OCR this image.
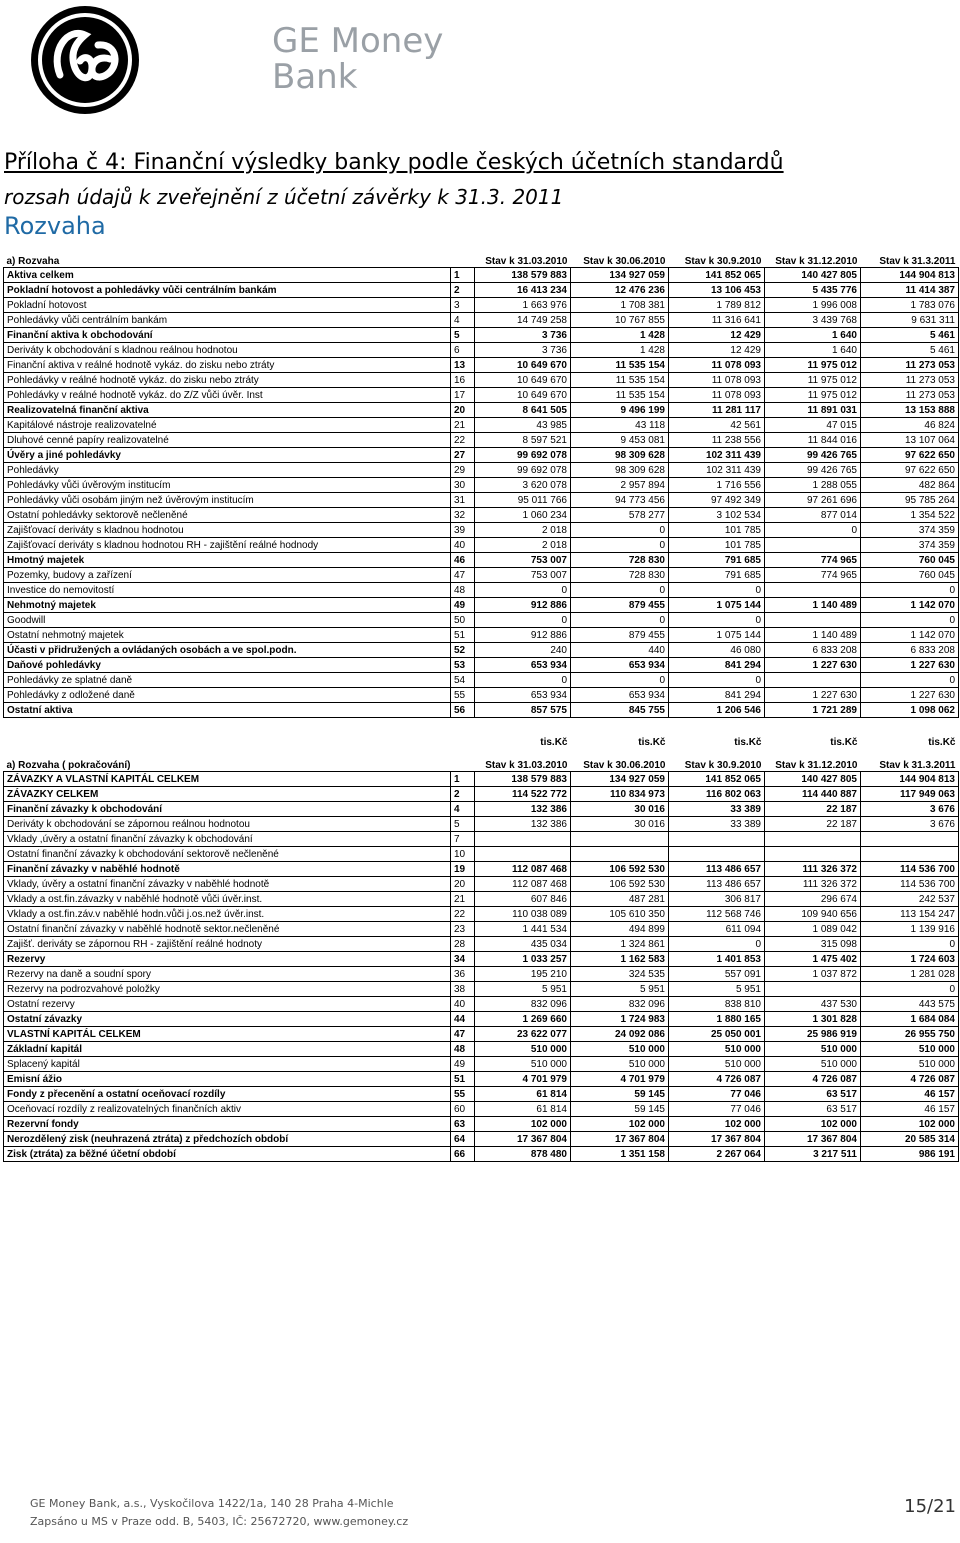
GE Money
Bank
Příloha č 4: Finanční výsledky banky podle českých účetních standardů
rozsah údajů k zveřejnění z účetní závěrky k 31.3. 2011
Rozvaha
a) Rozvaha		Stav k 31.03.2010	Stav k 30.06.2010	Stav k 30.9.2010	Stav k 31.12.2010	Stav k 31.3.2011
Aktiva celkem	1	138 579 883	134 927 059	141 852 065	140 427 805	144 904 813
Pokladní hotovost a pohledávky vůči centrálním bankám	2	16 413 234	12 476 236	13 106 453	5 435 776	11 414 387
Pokladní hotovost	3	1 663 976	1 708 381	1 789 812	1 996 008	1 783 076
Pohledávky vůči centrálním bankám	4	14 749 258	10 767 855	11 316 641	3 439 768	9 631 311
Finanční aktiva k obchodování	5	3 736	1 428	12 429	1 640	5 461
Deriváty k obchodování s kladnou reálnou hodnotou	6	3 736	1 428	12 429	1 640	5 461
Finanční aktiva v reálné hodnotě vykáz. do zisku nebo ztráty	13	10 649 670	11 535 154	11 078 093	11 975 012	11 273 053
Pohledávky v reálné hodnotě vykáz. do zisku nebo ztráty	16	10 649 670	11 535 154	11 078 093	11 975 012	11 273 053
Pohledávky v reálné hodnotě vykáz. do Z/Z vůči úvěr. Inst	17	10 649 670	11 535 154	11 078 093	11 975 012	11 273 053
Realizovatelná finanční aktiva	20	8 641 505	9 496 199	11 281 117	11 891 031	13 153 888
Kapitálové nástroje realizovatelné	21	43 985	43 118	42 561	47 015	46 824
Dluhové cenné papíry realizovatelné	22	8 597 521	9 453 081	11 238 556	11 844 016	13 107 064
Úvěry a jiné pohledávky	27	99 692 078	98 309 628	102 311 439	99 426 765	97 622 650
Pohledávky	29	99 692 078	98 309 628	102 311 439	99 426 765	97 622 650
Pohledávky vůči úvěrovým institucím	30	3 620 078	2 957 894	1 716 556	1 288 055	482 864
Pohledávky vůči osobám jiným než úvěrovým institucím	31	95 011 766	94 773 456	97 492 349	97 261 696	95 785 264
Ostatní pohledávky sektorově nečleněné	32	1 060 234	578 277	3 102 534	877 014	1 354 522
Zajišťovací deriváty s kladnou hodnotou	39	2 018	0	101 785	0	374 359
Zajišťovací deriváty s kladnou hodnotou RH - zajištění reálné hodnody	40	2 018	0	101 785		374 359
Hmotný majetek	46	753 007	728 830	791 685	774 965	760 045
Pozemky, budovy a zařízení	47	753 007	728 830	791 685	774 965	760 045
Investice do nemovitostí	48	0	0	0		0
Nehmotný majetek	49	912 886	879 455	1 075 144	1 140 489	1 142 070
Goodwill	50	0	0	0		0
Ostatní nehmotný majetek	51	912 886	879 455	1 075 144	1 140 489	1 142 070
Účasti v přidružených a ovládaných osobách a ve spol.podn.	52	240	440	46 080	6 833 208	6 833 208
Daňové pohledávky	53	653 934	653 934	841 294	1 227 630	1 227 630
Pohledávky ze splatné daně	54	0	0	0		0
Pohledávky z odložené daně	55	653 934	653 934	841 294	1 227 630	1 227 630
Ostatní aktiva	56	857 575	845 755	1 206 546	1 721 289	1 098 062
		tis.Kč	tis.Kč	tis.Kč	tis.Kč	tis.Kč
a) Rozvaha ( pokračování)		Stav k 31.03.2010	Stav k 30.06.2010	Stav k 30.9.2010	Stav k 31.12.2010	Stav k 31.3.2011
ZÁVAZKY A VLASTNÍ KAPITÁL CELKEM	1	138 579 883	134 927 059	141 852 065	140 427 805	144 904 813
ZÁVAZKY CELKEM	2	114 522 772	110 834 973	116 802 063	114 440 887	117 949 063
Finanční závazky k obchodování	4	132 386	30 016	33 389	22 187	3 676
Deriváty k obchodování se zápornou reálnou hodnotou	5	132 386	30 016	33 389	22 187	3 676
Vklady ,úvěry a ostatní finanční závazky k obchodování	7					
Ostatní finanční závazky k obchodování sektorově nečleněné	10					
Finanční závazky v naběhlé hodnotě	19	112 087 468	106 592 530	113 486 657	111 326 372	114 536 700
Vklady, úvěry a ostatní finanční závazky v naběhlé hodnotě	20	112 087 468	106 592 530	113 486 657	111 326 372	114 536 700
Vklady a ost.fin.závazky v naběhlé hodnotě vůči úvěr.inst.	21	607 846	487 281	306 817	296 674	242 537
Vklady a ost.fin.záv.v naběhlé hodn.vůči j.os.než úvěr.inst.	22	110 038 089	105 610 350	112 568 746	109 940 656	113 154 247
Ostatní finanční závazky v naběhlé hodnotě sektor.nečleněné	23	1 441 534	494 899	611 094	1 089 042	1 139 916
Zajišť. deriváty se zápornou RH - zajištění reálné hodnoty	28	435 034	1 324 861	0	315 098	0
Rezervy	34	1 033 257	1 162 583	1 401 853	1 475 402	1 724 603
Rezervy na daně a soudní spory	36	195 210	324 535	557 091	1 037 872	1 281 028
Rezervy na podrozvahové položky	38	5 951	5 951	5 951		0
Ostatní rezervy	40	832 096	832 096	838 810	437 530	443 575
Ostatní závazky	44	1 269 660	1 724 983	1 880 165	1 301 828	1 684 084
VLASTNÍ KAPITÁL CELKEM	47	23 622 077	24 092 086	25 050 001	25 986 919	26 955 750
Základní kapitál	48	510 000	510 000	510 000	510 000	510 000
Splacený kapitál	49	510 000	510 000	510 000	510 000	510 000
Emisní ážio	51	4 701 979	4 701 979	4 726 087	4 726 087	4 726 087
Fondy z přecenění a ostatní oceňovací rozdíly	55	61 814	59 145	77 046	63 517	46 157
Oceňovací rozdíly z realizovatelných finančních aktiv	60	61 814	59 145	77 046	63 517	46 157
Rezervní fondy	63	102 000	102 000	102 000	102 000	102 000
Nerozdělený zisk (neuhrazená ztráta) z předchozích období	64	17 367 804	17 367 804	17 367 804	17 367 804	20 585 314
Zisk (ztráta) za běžné účetní období	66	878 480	1 351 158	2 267 064	3 217 511	986 191
GE Money Bank, a.s., Vyskočilova 1422/1a, 140 28 Praha 4-Michle
Zapsáno u MS v Praze odd. B, 5403, IČ: 25672720, www.gemoney.cz
15/21
